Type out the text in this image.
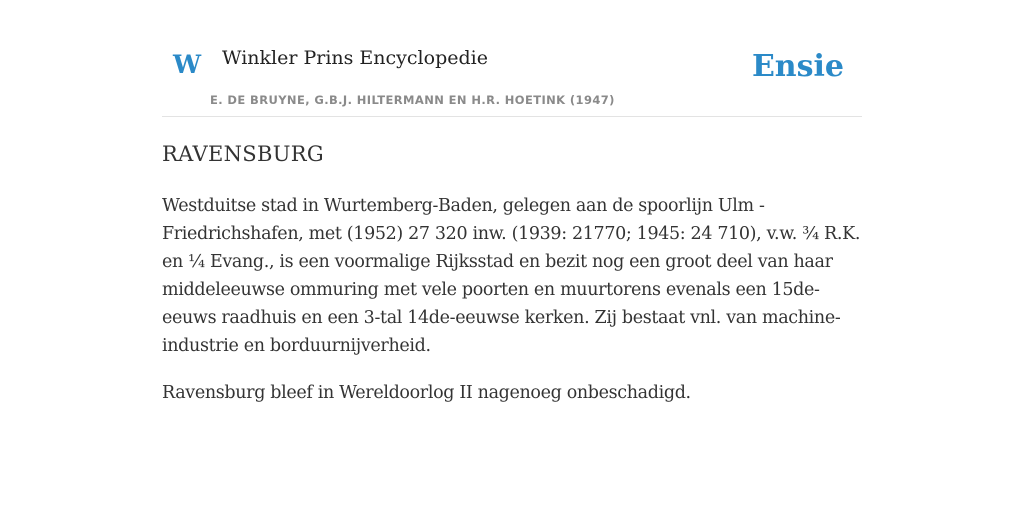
W Winkler Prins Encyclopedie
E. DE BRUYNE, G.B.J. HILTERMANN EN H.R. HOETINK (1947)
Ensie
RAVENSBURG

Westduitse stad in Wurtemberg-Baden, gelegen aan de spoorlijn Ulm - Friedrichshafen, met (1952) 27 320 inw. (1939: 21770; 1945: 24 710), v.w. ¾ R.K. en ¼ Evang., is een voormalige Rijksstad en bezit nog een groot deel van haar middeleeuwse ommuring met vele poorten en muurtorens evenals een 15de-eeuws raadhuis en een 3-tal 14de-eeuwse kerken. Zij bestaat vnl. van machine-industrie en borduurnijverheid.

Ravensburg bleef in Wereldoorlog II nagenoeg onbeschadigd.
